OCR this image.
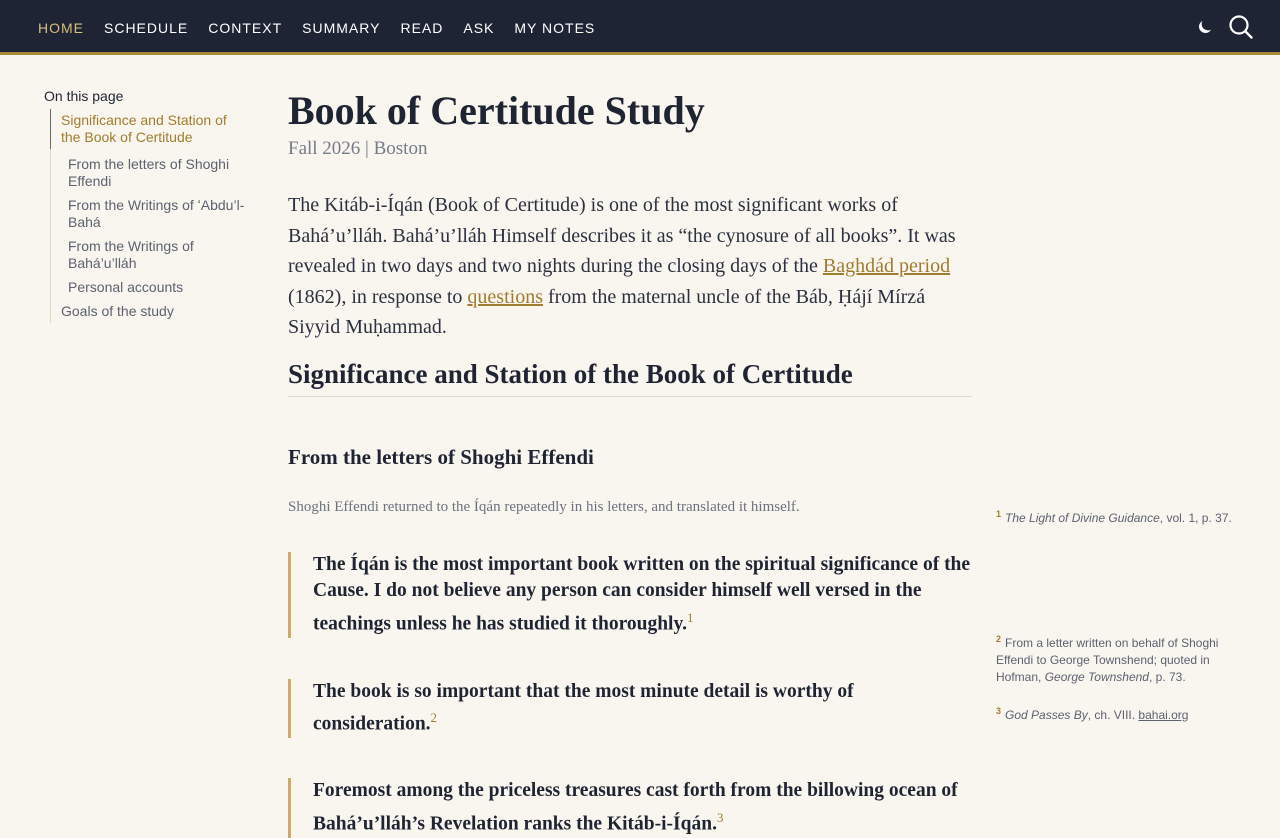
HOME SCHEDULE CONTEXT SUMMARY READ ASK MY NOTES
On this page
Significance and Station of the Book of Certitude
From the letters of Shoghi Effendi
From the Writings of ʻAbdu’l-Bahá
From the Writings of Bahá’u’lláh
Personal accounts
Goals of the study
Book of Certitude Study
Fall 2026 | Boston

The Kitáb-i-Íqán (Book of Certitude) is one of the most significant works of Bahá’u’lláh. Bahá’u’lláh Himself describes it as “the cynosure of all books”. It was revealed in two days and two nights during the closing days of the Baghdád period (1862), in response to questions from the maternal uncle of the Báb, Ḥájí Mírzá Siyyid Muḥammad.

Significance and Station of the Book of Certitude
From the letters of Shoghi Effendi

Shoghi Effendi returned to the Íqán repeatedly in his letters, and translated it himself.

The Íqán is the most important book written on the spiritual significance of the Cause. I do not believe any person can consider himself well versed in the teachings unless he has studied it thoroughly.$^1$
The book is so important that the most minute detail is worthy of consideration.$^2$
Foremost among the priceless treasures cast forth from the billowing ocean of Bahá’u’lláh’s Revelation ranks the Kitáb-i-Íqán.$^3$
$^1$ The Light of Divine Guidance, vol. 1, p. 37.
$^2$ From a letter written on behalf of Shoghi Effendi to George Townshend; quoted in Hofman, George Townshend, p. 73.
$^3$ God Passes By, ch. VIII. bahai.org
